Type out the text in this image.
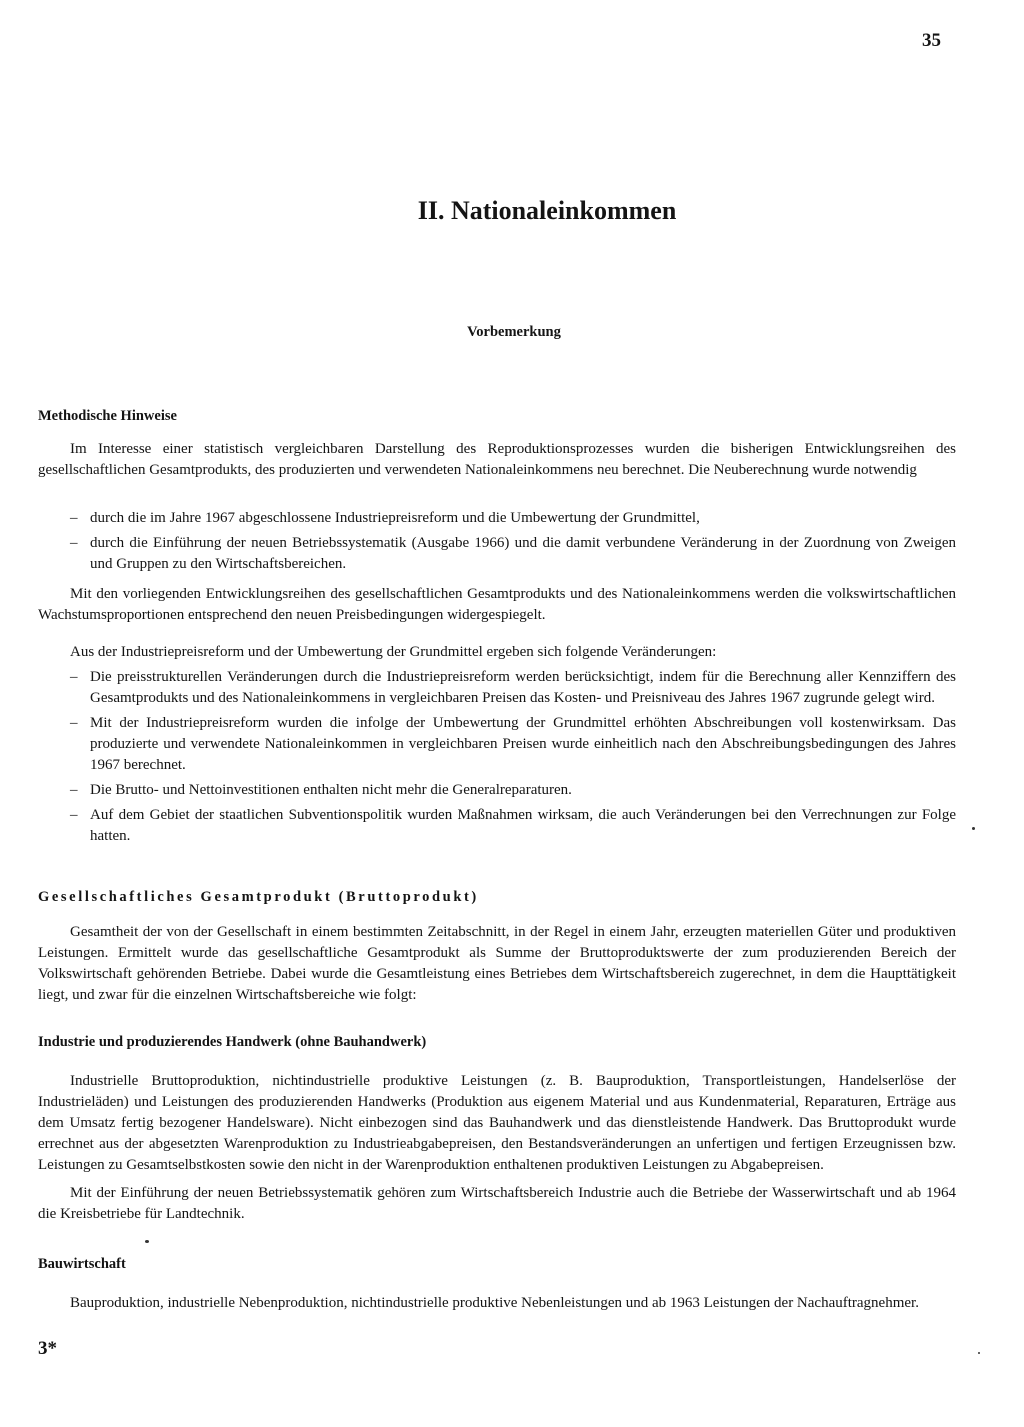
35
II. Nationaleinkommen
Vorbemerkung
Methodische Hinweise

Im Interesse einer statistisch vergleichbaren Darstellung des Reproduktionsprozesses wurden die bisherigen Entwicklungsreihen des gesellschaftlichen Gesamtprodukts, des produzierten und verwendeten Nationaleinkommens neu berechnet. Die Neuberechnung wurde notwendig

– durch die im Jahre 1967 abgeschlossene Industriepreisreform und die Umbewertung der Grundmittel,
– durch die Einführung der neuen Betriebssystematik (Ausgabe 1966) und die damit verbundene Veränderung in der Zuordnung von Zweigen und Gruppen zu den Wirtschaftsbereichen.

Mit den vorliegenden Entwicklungsreihen des gesellschaftlichen Gesamtprodukts und des Nationaleinkommens werden die volkswirtschaftlichen Wachstumsproportionen entsprechend den neuen Preisbedingungen widergespiegelt.

Aus der Industriepreisreform und der Umbewertung der Grundmittel ergeben sich folgende Veränderungen:

– Die preisstrukturellen Veränderungen durch die Industriepreisreform werden berücksichtigt, indem für die Berechnung aller Kennziffern des Gesamtprodukts und des Nationaleinkommens in vergleichbaren Preisen das Kosten- und Preisniveau des Jahres 1967 zugrunde gelegt wird.
– Mit der Industriepreisreform wurden die infolge der Umbewertung der Grundmittel erhöhten Abschreibungen voll kostenwirksam. Das produzierte und verwendete Nationaleinkommen in vergleichbaren Preisen wurde einheitlich nach den Abschreibungsbedingungen des Jahres 1967 berechnet.
– Die Brutto- und Nettoinvestitionen enthalten nicht mehr die Generalreparaturen.
– Auf dem Gebiet der staatlichen Subventionspolitik wurden Maßnahmen wirksam, die auch Veränderungen bei den Verrechnungen zur Folge hatten.
Gesellschaftliches Gesamtprodukt (Bruttoprodukt)

Gesamtheit der von der Gesellschaft in einem bestimmten Zeitabschnitt, in der Regel in einem Jahr, erzeugten materiellen Güter und produktiven Leistungen. Ermittelt wurde das gesellschaftliche Gesamtprodukt als Summe der Bruttoproduktswerte der zum produzierenden Bereich der Volkswirtschaft gehörenden Betriebe. Dabei wurde die Gesamtleistung eines Betriebes dem Wirtschaftsbereich zugerechnet, in dem die Haupttätigkeit liegt, und zwar für die einzelnen Wirtschaftsbereiche wie folgt:

Industrie und produzierendes Handwerk (ohne Bauhandwerk)

Industrielle Bruttoproduktion, nichtindustrielle produktive Leistungen (z. B. Bauproduktion, Transportleistungen, Handelserlöse der Industrieläden) und Leistungen des produzierenden Handwerks (Produktion aus eigenem Material und aus Kundenmaterial, Reparaturen, Erträge aus dem Umsatz fertig bezogener Handelsware). Nicht einbezogen sind das Bauhandwerk und das dienstleistende Handwerk. Das Bruttoprodukt wurde errechnet aus der abgesetzten Warenproduktion zu Industrieabgabepreisen, den Bestandsveränderungen an unfertigen und fertigen Erzeugnissen bzw. Leistungen zu Gesamtselbstkosten sowie den nicht in der Warenproduktion enthaltenen produktiven Leistungen zu Abgabepreisen.

Mit der Einführung der neuen Betriebssystematik gehören zum Wirtschaftsbereich Industrie auch die Betriebe der Wasserwirtschaft und ab 1964 die Kreisbetriebe für Landtechnik.

Bauwirtschaft

Bauproduktion, industrielle Nebenproduktion, nichtindustrielle produktive Nebenleistungen und ab 1963 Leistungen der Nachauftragnehmer.

3*
